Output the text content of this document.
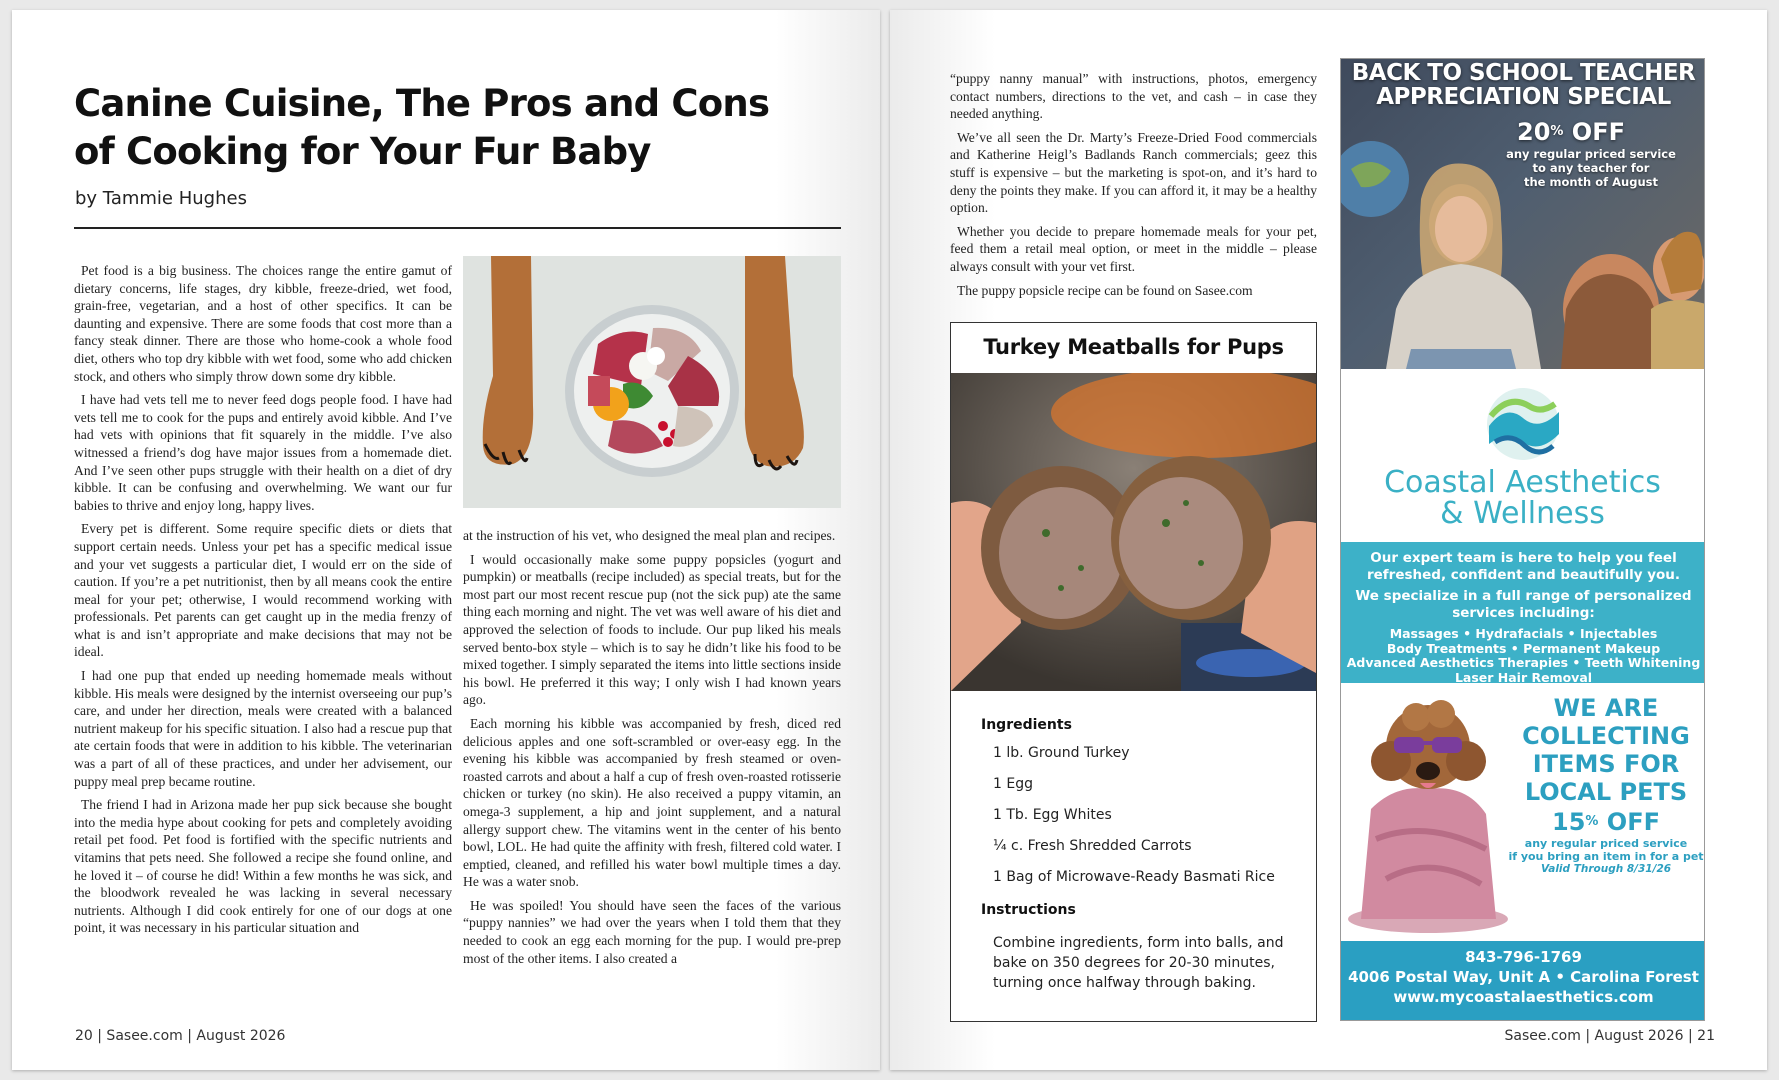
Canine Cuisine, The Pros and Cons
of Cooking for Your Fur Baby
by Tammie Hughes

Pet food is a big business. The choices range the entire gamut of dietary concerns, life stages, dry kibble, freeze-dried, wet food, grain-free, vegetarian, and a host of other specifics. It can be daunting and expensive. There are some foods that cost more than a fancy steak dinner. There are those who home-cook a whole food diet, others who top dry kibble with wet food, some who add chicken stock, and others who simply throw down some dry kibble.

I have had vets tell me to never feed dogs people food. I have had vets tell me to cook for the pups and entirely avoid kibble. And I’ve had vets with opinions that fit squarely in the middle. I’ve also witnessed a friend’s dog have major issues from a homemade diet. And I’ve seen other pups struggle with their health on a diet of dry kibble. It can be confusing and overwhelming. We want our fur babies to thrive and enjoy long, happy lives.

Every pet is different. Some require specific diets or diets that support certain needs. Unless your pet has a specific medical issue and your vet suggests a particular diet, I would err on the side of caution. If you’re a pet nutritionist, then by all means cook the entire meal for your pet; otherwise, I would recommend working with professionals. Pet parents can get caught up in the media frenzy of what is and isn’t appropriate and make decisions that may not be ideal.

I had one pup that ended up needing homemade meals without kibble. His meals were designed by the internist overseeing our pup’s care, and under her direction, meals were created with a balanced nutrient makeup for his specific situation. I also had a rescue pup that ate certain foods that were in addition to his kibble. The veterinarian was a part of all of these practices, and under her advisement, our puppy meal prep became routine.

The friend I had in Arizona made her pup sick because she bought into the media hype about cooking for pets and completely avoiding retail pet food. Pet food is fortified with the specific nutrients and vitamins that pets need. She followed a recipe she found online, and he loved it – of course he did! Within a few months he was sick, and the bloodwork revealed he was lacking in several necessary nutrients. Although I did cook entirely for one of our dogs at one point, it was necessary in his particular situation and

at the instruction of his vet, who designed the meal plan and recipes.

I would occasionally make some puppy popsicles (yogurt and pumpkin) or meatballs (recipe included) as special treats, but for the most part our most recent rescue pup (not the sick pup) ate the same thing each morning and night. The vet was well aware of his diet and approved the selection of foods to include. Our pup liked his meals served bento-box style – which is to say he didn’t like his food to be mixed together. I simply separated the items into little sections inside his bowl. He preferred it this way; I only wish I had known years ago.

Each morning his kibble was accompanied by fresh, diced red delicious apples and one soft-scrambled or over-easy egg. In the evening his kibble was accompanied by fresh steamed or oven-roasted carrots and about a half a cup of fresh oven-roasted rotisserie chicken or turkey (no skin). He also received a puppy vitamin, an omega-3 supplement, a hip and joint supplement, and a natural allergy support chew. The vitamins went in the center of his bento bowl, LOL. He had quite the affinity with fresh, filtered cold water. I emptied, cleaned, and refilled his water bowl multiple times a day. He was a water snob.

He was spoiled! You should have seen the faces of the various “puppy nannies” we had over the years when I told them that they needed to cook an egg each morning for the pup. I would pre-prep most of the other items. I also created a

20 | Sasee.com | August 2026

“puppy nanny manual” with instructions, photos, emergency contact numbers, directions to the vet, and cash – in case they needed anything.

We’ve all seen the Dr. Marty’s Freeze-Dried Food commercials and Katherine Heigl’s Badlands Ranch commercials; geez this stuff is expensive – but the marketing is spot-on, and it’s hard to deny the points they make. If you can afford it, it may be a healthy option.

Whether you decide to prepare homemade meals for your pet, feed them a retail meal option, or meet in the middle – please always consult with your vet first.

The puppy popsicle recipe can be found on Sasee.com

Turkey Meatballs for Pups
Ingredients
1 lb. Ground Turkey
1 Egg
1 Tb. Egg Whites
¼ c. Fresh Shredded Carrots
1 Bag of Microwave-Ready Basmati Rice
Instructions
Combine ingredients, form into balls, and bake on 350 degrees for 20-30 minutes, turning once halfway through baking.
BACK TO SCHOOL TEACHER
APPRECIATION SPECIAL
20% OFF
any regular priced service
to any teacher for
the month of August
Coastal Aesthetics
& Wellness
Our expert team is here to help you feel
refreshed, confident and beautifully you.
We specialize in a full range of personalized
services including:
Massages • Hydrafacials • Injectables
Body Treatments • Permanent Makeup
Advanced Aesthetics Therapies • Teeth Whitening
Laser Hair Removal
WE ARE
COLLECTING
ITEMS FOR
LOCAL PETS
15% OFF
any regular priced service
if you bring an item in for a pet
Valid Through 8/31/26
843-796-1769
4006 Postal Way, Unit A • Carolina Forest
www.mycoastalaesthetics.com
Sasee.com | August 2026 | 21
